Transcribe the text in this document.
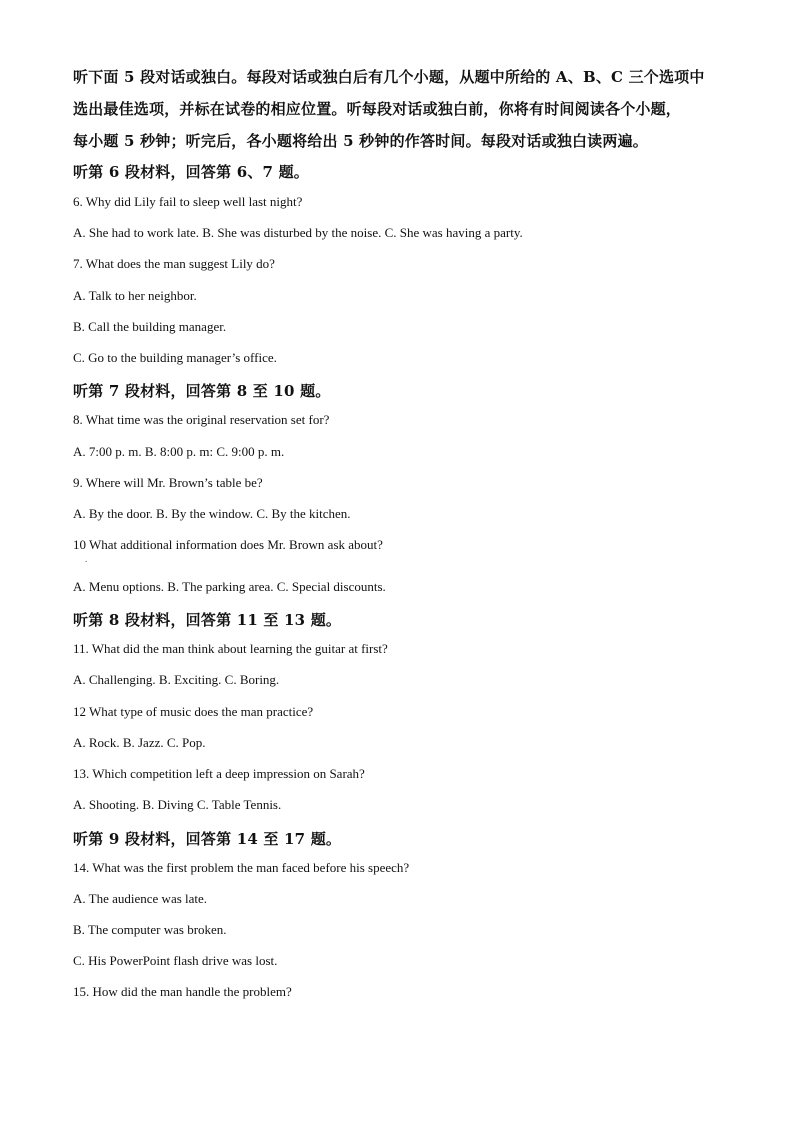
听下面 5 段对话或独白。每段对话或独白后有几个小题，从题中所给的 A、B、C 三个选项中
选出最佳选项，并标在试卷的相应位置。听每段对话或独白前，你将有时间阅读各个小题，
每小题 5 秒钟；听完后，各小题将给出 5 秒钟的作答时间。每段对话或独白读两遍。
听第 6 段材料，回答第 6、7 题。
6. Why did Lily fail to sleep well last night?
A. She had to work late. B. She was disturbed by the noise. C. She was having a party.
7. What does the man suggest Lily do?
A. Talk to her neighbor.
B. Call the building manager.
C. Go to the building manager’s office.
听第 7 段材料，回答第 8 至 10 题。
8. What time was the original reservation set for?
A. 7:00 p. m. B. 8:00 p. m: C. 9:00 p. m.
9. Where will Mr. Brown’s table be?
A. By the door. B. By the window. C. By the kitchen.
10 What additional information does Mr. Brown ask about?
.
A. Menu options. B. The parking area. C. Special discounts.
听第 8 段材料，回答第 11 至 13 题。
11. What did the man think about learning the guitar at first?
A. Challenging. B. Exciting. C. Boring.
12 What type of music does the man practice?
A. Rock. B. Jazz. C. Pop.
13. Which competition left a deep impression on Sarah?
A. Shooting. B. Diving C. Table Tennis.
听第 9 段材料，回答第 14 至 17 题。
14. What was the first problem the man faced before his speech?
A. The audience was late.
B. The computer was broken.
C. His PowerPoint flash drive was lost.
15. How did the man handle the problem?
